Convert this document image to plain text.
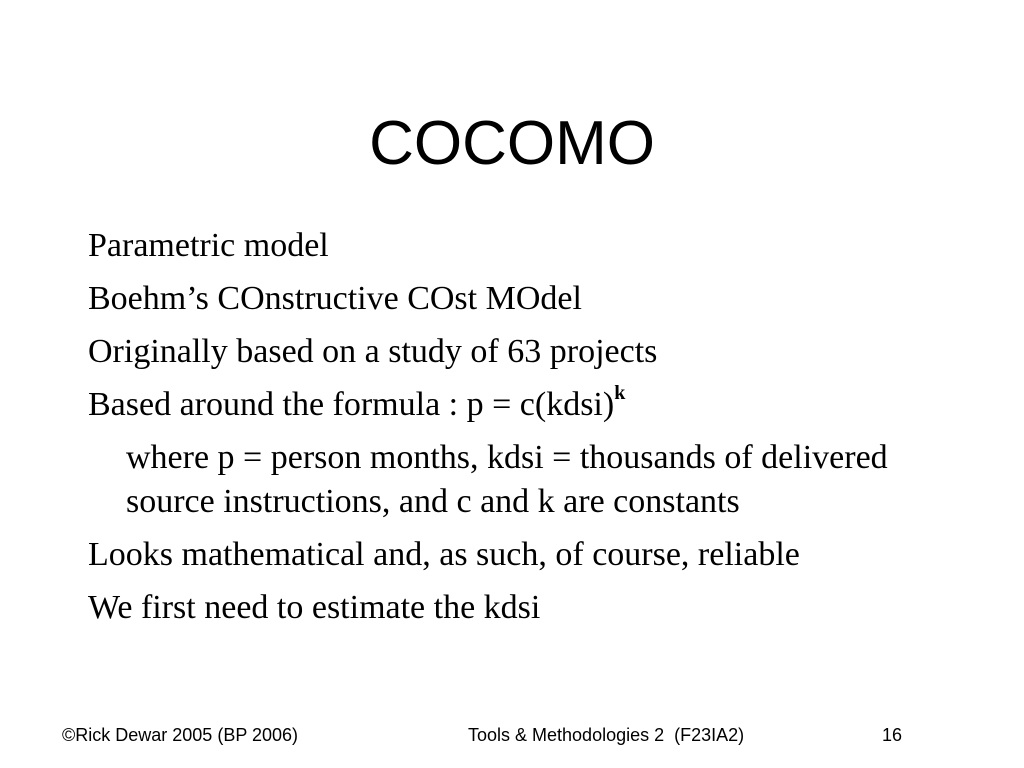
COCOMO
Parametric model
Boehm’s COnstructive COst MOdel
Originally based on a study of 63 projects
Based around the formula : p = c(kdsi)$^k$
where p = person months, kdsi = thousands of delivered source instructions, and c and k are constants
Looks mathematical and, as such, of course, reliable
We first need to estimate the kdsi
©Rick Dewar 2005 (BP 2006)	Tools & Methodologies 2  (F23IA2)	16
